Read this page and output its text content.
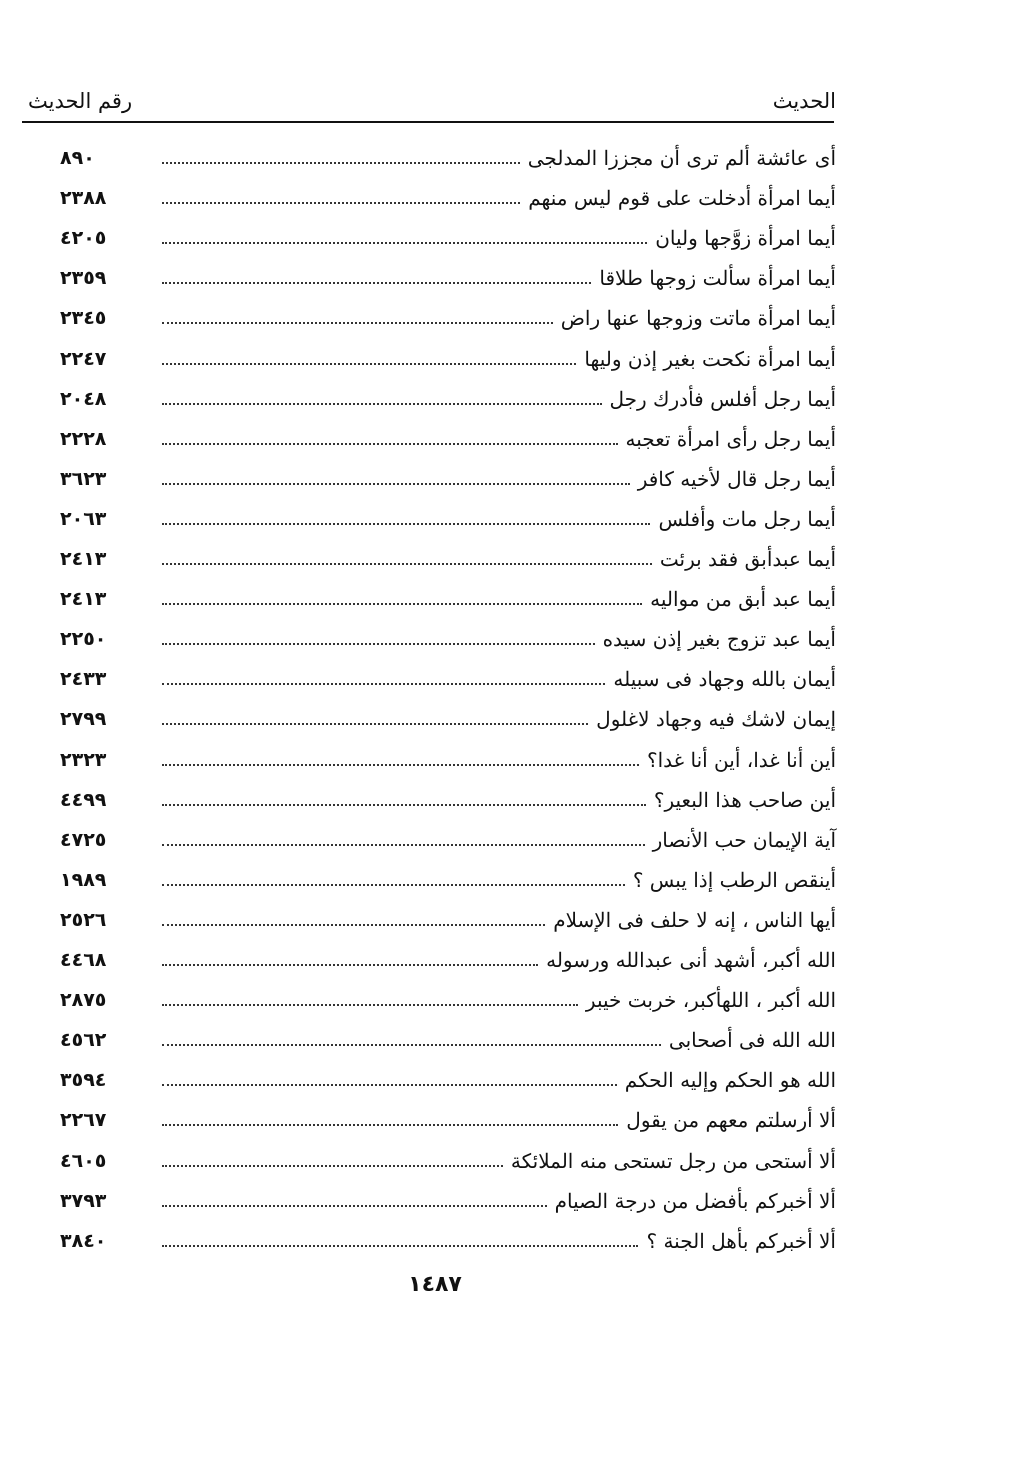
الحديث
رقم الحديث
أى عائشة ألم ترى أن مجززا المدلجى
٨٩٠
أيما امرأة أدخلت على قوم ليس منهم
٢٣٨٨
أيما امرأة زوَّجها وليان
٤٢٠٥
أيما امرأة سألت زوجها طلاقا
٢٣٥٩
أيما امرأة ماتت وزوجها عنها راض
٢٣٤٥
أيما امرأة نكحت بغير إذن وليها
٢٢٤٧
أيما رجل أفلس فأدرك رجل
٢٠٤٨
أيما رجل رأى امرأة تعجبه
٢٢٢٨
أيما رجل قال لأخيه كافر
٣٦٢٣
أيما رجل مات وأفلس
٢٠٦٣
أيما عبدأبق فقد برئت
٢٤١٣
أيما عبد أبق من مواليه
٢٤١٣
أيما عبد تزوج بغير إذن سيده
٢٢٥٠
أيمان بالله وجهاد فى سبيله
٢٤٣٣
إيمان لاشك فيه وجهاد لاغلول
٢٧٩٩
أين أنا غدا، أين أنا غدا؟
٢٣٢٣
أين صاحب هذا البعير؟
٤٤٩٩
آية الإيمان حب الأنصار
٤٧٢٥
أينقص الرطب إذا يبس ؟
١٩٨٩
أيها الناس ، إنه لا حلف فى الإسلام
٢٥٢٦
الله أكبر، أشهد أنى عبدالله ورسوله
٤٤٦٨
الله أكبر ، اللهأكبر، خربت خيبر
٢٨٧٥
الله الله فى أصحابى
٤٥٦٢
الله هو الحكم وإليه الحكم
٣٥٩٤
ألا أرسلتم معهم من يقول
٢٢٦٧
ألا أستحى من رجل تستحى منه الملائكة
٤٦٠٥
ألا أخبركم بأفضل من درجة الصيام
٣٧٩٣
ألا أخبركم بأهل الجنة ؟
٣٨٤٠
١٤٨٧
